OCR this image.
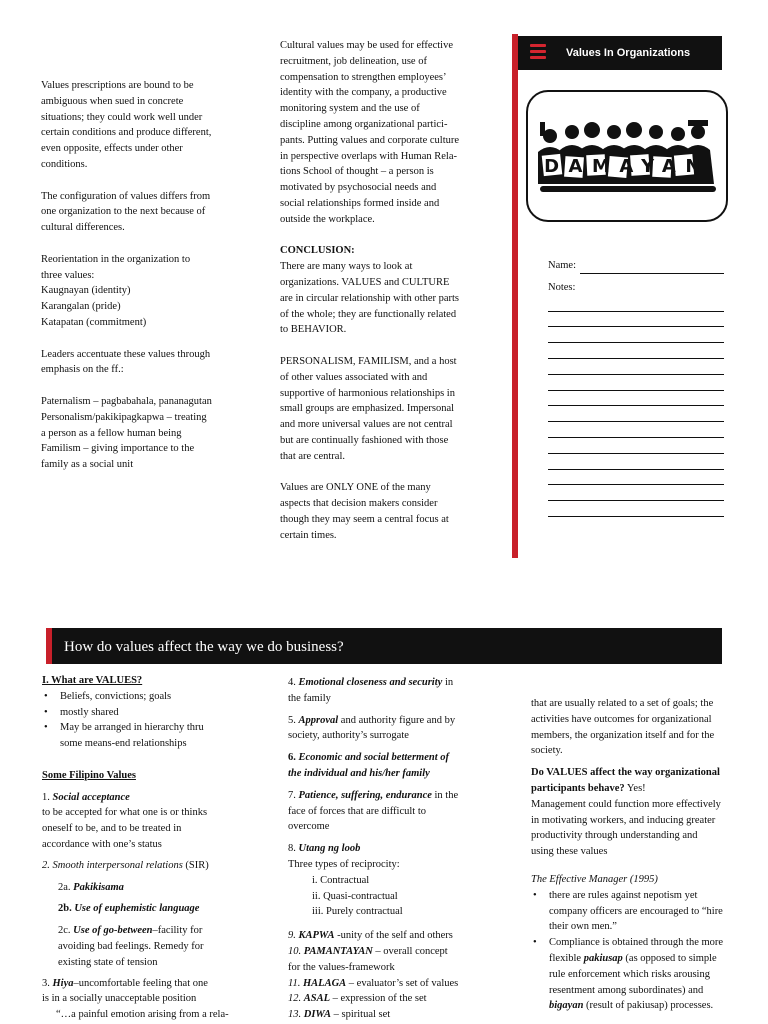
Values prescriptions are bound to be

ambiguous when sued in concrete

situations; they could work well under

certain conditions and produce different,

even opposite, effects under other

conditions.

The configuration of values differs from

one organization to the next because of

cultural differences.

Reorientation in the organization to

three values:

Kaugnayan (identity)

Karangalan (pride)

Katapatan (commitment)

Leaders accentuate these values through

emphasis on the ff.:

Paternalism – pagbabahala, pananagutan

Personalism/pakikipagkapwa – treating

a person as a fellow human being

Familism – giving importance to the

family as a social unit

Cultural values may be used for effective

recruitment, job delineation, use of

compensation to strengthen employees’

identity with the company, a productive

monitoring system and the use of

discipline among organizational partici-

pants. Putting values and corporate culture

in perspective overlaps with Human Rela-

tions School of thought – a person is

motivated by psychosocial needs and

social relationships formed inside and

outside the workplace.

CONCLUSION:

There are many ways to look at

organizations. VALUES and CULTURE

are in circular relationship with other parts

of the whole; they are functionally related

to BEHAVIOR.

PERSONALISM, FAMILISM, and a host

of other values associated with and

supportive of harmonious relationships in

small groups are emphasized. Impersonal

and more universal values are not central

but are continually fashioned with those

that are central.

Values are ONLY ONE of the many

aspects that decision makers consider

though they may seem a central focus at

certain times.

Values In Organizations
DAMAYAN
Name:
Notes:
How do values affect the way we do business?

I. What are VALUES?

• Beliefs, convictions; goals
• mostly shared
• May be arranged in hierarchy thru
some means-end relationships

Some Filipino Values

1. Social acceptance

to be accepted for what one is or thinks

oneself to be, and to be treated in

accordance with one’s status

2. Smooth interpersonal relations (SIR)

2a. Pakikisama

2b. Use of euphemistic language

2c. Use of go-between–facility for

avoiding bad feelings. Remedy for

existing state of tension

3. Hiya–uncomfortable feeling that one

is in a socially unacceptable position

“…a painful emotion arising from a rela-

4. Emotional closeness and security in

the family

5. Approval and authority figure and by

society, authority’s surrogate

6. Economic and social betterment of

the individual and his/her family

7. Patience, suffering, endurance in the

face of forces that are difficult to

overcome

8. Utang ng loob

Three types of reciprocity:

i. Contractual

ii. Quasi-contractual

iii. Purely contractual

9. KAPWA -unity of the self and others

10. PAMANTAYAN – overall concept

for the values-framework

11. HALAGA – evaluator’s set of values

12. ASAL – expression of the set

13. DIWA – spiritual set

that are usually related to a set of goals; the

activities have outcomes for organizational

members, the organization itself and for the

society.

Do VALUES affect the way organizational

participants behave? Yes!

Management could function more effectively

in motivating workers, and inducing greater

productivity through understanding and

using these values

The Effective Manager (1995)

• there are rules against nepotism yet
company officers are encouraged to “hire
their own men.”
• Compliance is obtained through the more
flexible pakiusap (as opposed to simple
rule enforcement which risks arousing
resentment among subordinates) and
bigayan (result of pakiusap) processes.
